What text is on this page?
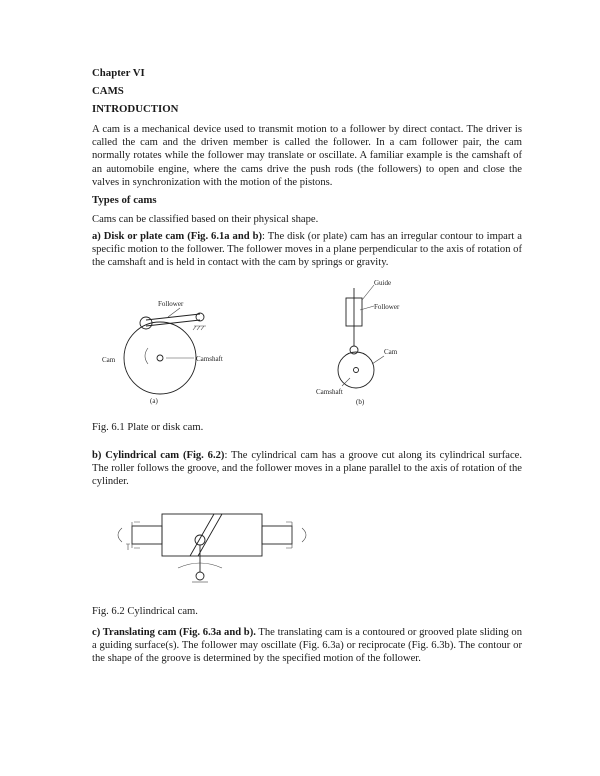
Chapter VI

CAMS

INTRODUCTION

A cam is a mechanical device used to transmit motion to a follower by direct contact. The driver is called the cam and the driven member is called the follower. In a cam follower pair, the cam normally rotates while the follower may translate or oscillate. A familiar example is the camshaft of an automobile engine, where the cams drive the push rods (the followers) to open and close the valves in synchronization with the motion of the pistons.

Types of cams

Cams can be classified based on their physical shape.

a) Disk or plate cam (Fig. 6.1a and b): The disk (or plate) cam has an irregular contour to impart a specific motion to the follower. The follower moves in a plane perpendicular to the axis of rotation of the camshaft and is held in contact with the cam by springs or gravity.

Follower
Cam	Camshaft
(a)
Guide
Follower
Cam
Camshaft
(b)

Fig. 6.1 Plate or disk cam.

b) Cylindrical cam (Fig. 6.2): The cylindrical cam has a groove cut along its cylindrical surface. The roller follows the groove, and the follower moves in a plane parallel to the axis of rotation of the cylinder.

Fig. 6.2 Cylindrical cam.

c) Translating cam (Fig. 6.3a and b). The translating cam is a contoured or grooved plate sliding on a guiding surface(s). The follower may oscillate (Fig. 6.3a) or reciprocate (Fig. 6.3b). The contour or the shape of the groove is determined by the specified motion of the follower.
